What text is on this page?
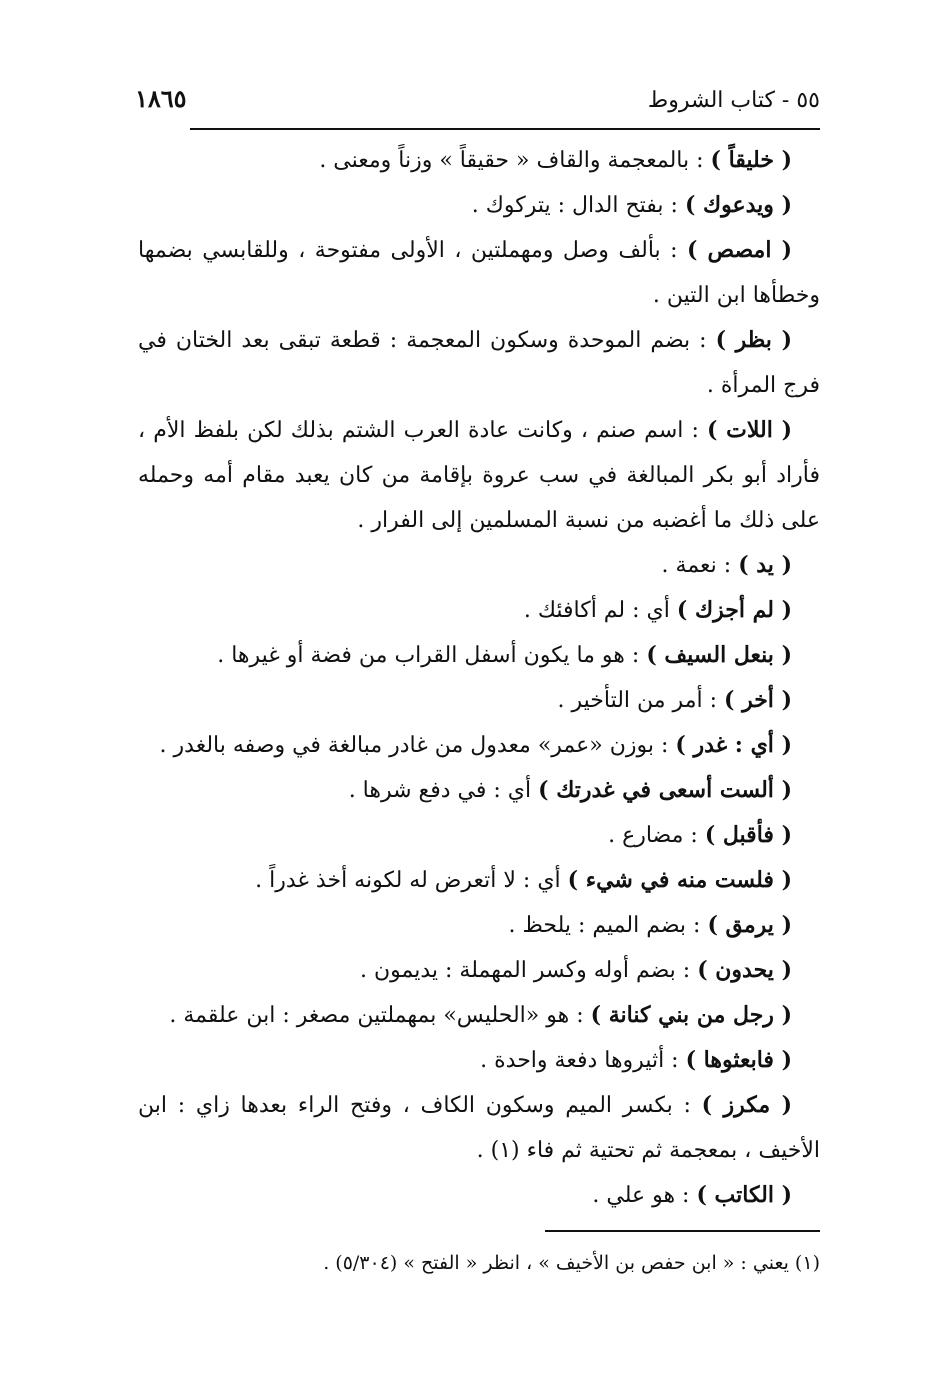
٥٥ - كتاب الشروط
١٨٦٥

( خليقاً ) : بالمعجمة والقاف « حقيقاً » وزناً ومعنى .

( ويدعوك ) : بفتح الدال : يتركوك .

( امصص ) : بألف وصل ومهملتين ، الأولى مفتوحة ، وللقابسي بضمها وخطأها ابن التين .

( بظر ) : بضم الموحدة وسكون المعجمة : قطعة تبقى بعد الختان في فرج المرأة .

( اللات ) : اسم صنم ، وكانت عادة العرب الشتم بذلك لكن بلفظ الأم ، فأراد أبو بكر المبالغة في سب عروة بإقامة من كان يعبد مقام أمه وحمله على ذلك ما أغضبه من نسبة المسلمين إلى الفرار .

( يد ) : نعمة .

( لم أجزك ) أي : لم أكافئك .

( بنعل السيف ) : هو ما يكون أسفل القراب من فضة أو غيرها .

( أخر ) : أمر من التأخير .

( أي : غدر ) : بوزن «عمر» معدول من غادر مبالغة في وصفه بالغدر .

( ألست أسعى في غدرتك ) أي : في دفع شرها .

( فأقبل ) : مضارع .

( فلست منه في شيء ) أي : لا أتعرض له لكونه أخذ غدراً .

( يرمق ) : بضم الميم : يلحظ .

( يحدون ) : بضم أوله وكسر المهملة : يديمون .

( رجل من بني كنانة ) : هو «الحليس» بمهملتين مصغر : ابن علقمة .

( فابعثوها ) : أثيروها دفعة واحدة .

( مكرز ) : بكسر الميم وسكون الكاف ، وفتح الراء بعدها زاي : ابن الأخيف ، بمعجمة ثم تحتية ثم فاء (١) .

( الكاتب ) : هو علي .

(١) يعني : « ابن حفص بن الأخيف » ، انظر « الفتح » (٥/٣٠٤) .
